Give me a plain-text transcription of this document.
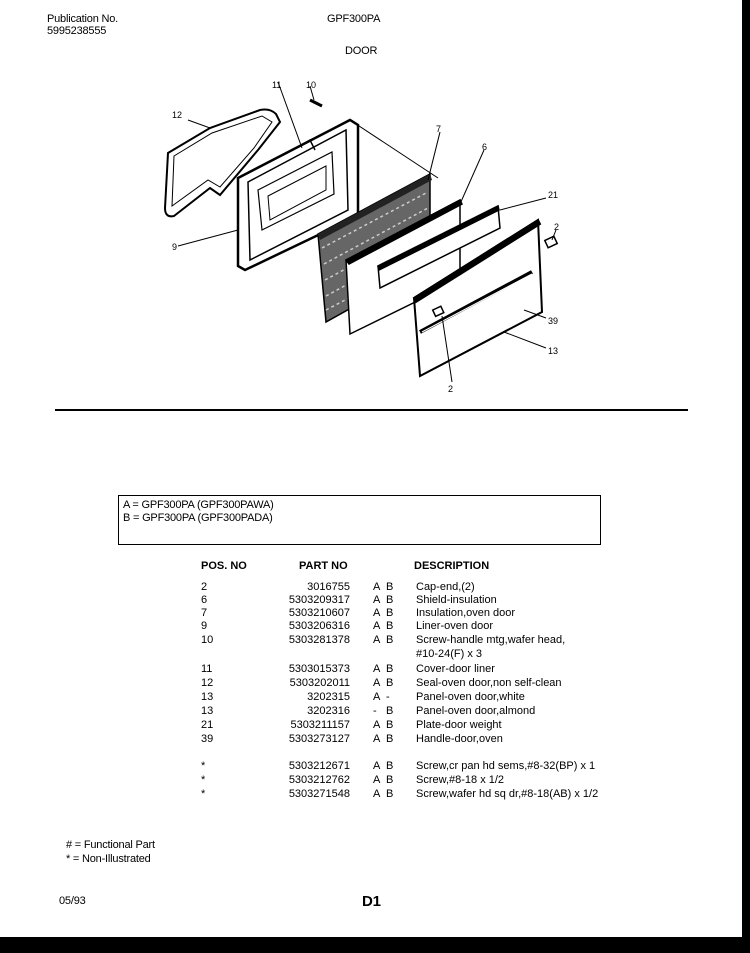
Publication No.
5995238555
GPF300PA
DOOR
12
11	10
7
6
21
2
39
13
2
9
A = GPF300PA (GPF300PAWA)
B = GPF300PA (GPF300PADA)
POS. NO	PART NO	DESCRIPTION
2	3016755 A B Cap-end,(2)
6	5303209317 A B Shield-insulation
7	5303210607 A B Insulation,oven door
9	5303206316 A B Liner-oven door
10	5303281378 A B Screw-handle mtg,wafer head,
#10-24(F) x 3
11	5303015373 A B Cover-door liner
12	5303202011 A B Seal-oven door,non self-clean
13	3202315 A - Panel-oven door,white
13	3202316 - B Panel-oven door,almond
21	5303211157 A B Plate-door weight
39	5303273127 A B Handle-door,oven
*	5303212671 A B Screw,cr pan hd sems,#8-32(BP) x 1
*	5303212762 A B Screw,#8-18 x 1/2
*	5303271548 A B Screw,wafer hd sq dr,#8-18(AB) x 1/2
# = Functional Part
* = Non-Illustrated
05/93	D1
